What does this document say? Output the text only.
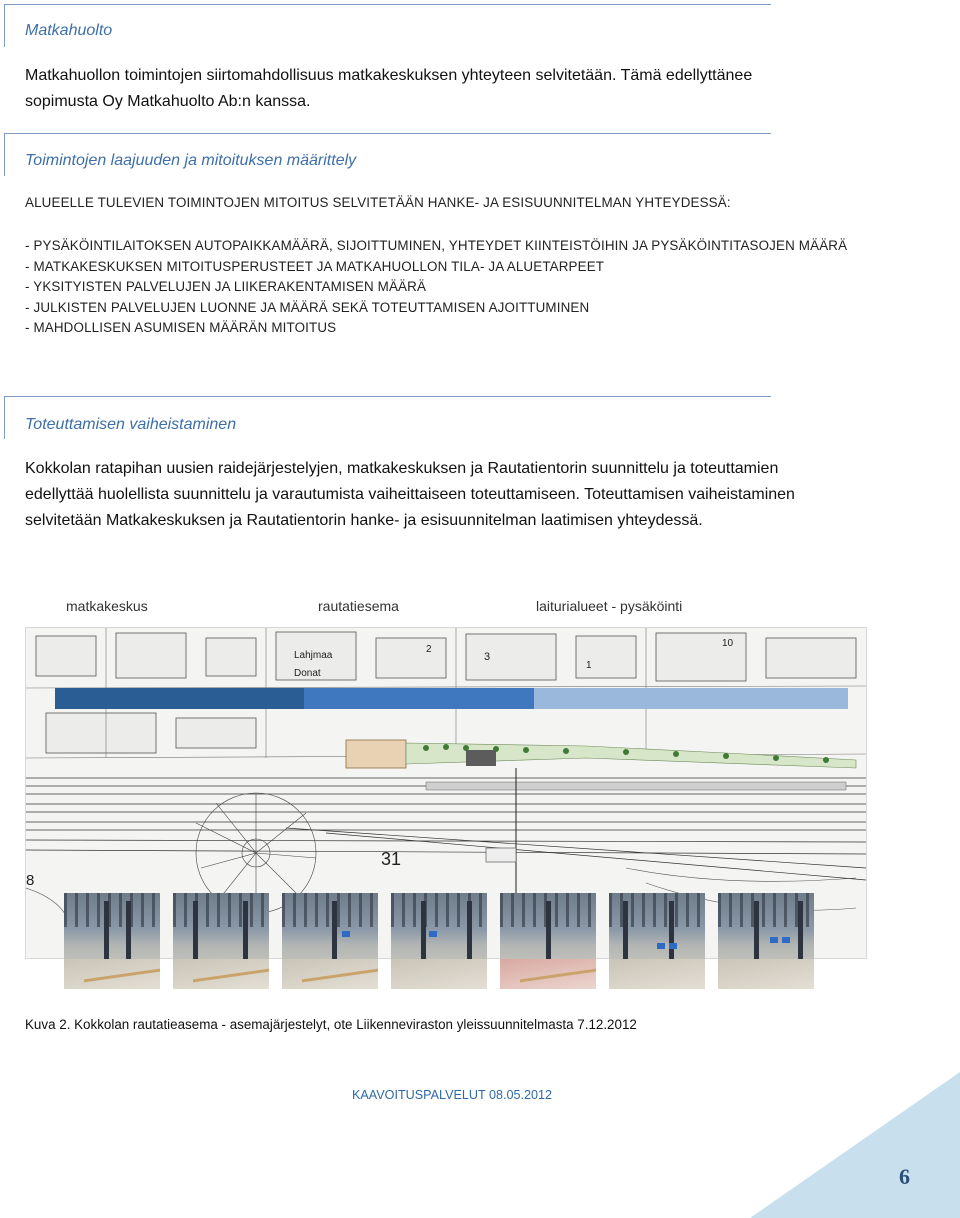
Matkahuolto
Matkahuollon toimintojen siirtomahdollisuus matkakeskuksen yhteyteen selvitetään. Tämä edellyttänee
sopimusta Oy Matkahuolto Ab:n kanssa.
Toimintojen laajuuden ja mitoituksen määrittely
ALUEELLE TULEVIEN TOIMINTOJEN MITOITUS SELVITETÄÄN HANKE- JA ESISUUNNITELMAN YHTEYDESSÄ:
- PYSÄKÖINTILAITOKSEN AUTOPAIKKAMÄÄRÄ, SIJOITTUMINEN, YHTEYDET KIINTEISTÖIHIN JA PYSÄKÖINTITASOJEN MÄÄRÄ
- MATKAKESKUKSEN MITOITUSPERUSTEET JA MATKAHUOLLON TILA- JA ALUETARPEET
- YKSITYISTEN PALVELUJEN JA LIIKERAKENTAMISEN MÄÄRÄ
- JULKISTEN PALVELUJEN LUONNE JA MÄÄRÄ SEKÄ TOTEUTTAMISEN AJOITTUMINEN
- MAHDOLLISEN ASUMISEN MÄÄRÄN MITOITUS
Toteuttamisen vaiheistaminen
Kokkolan ratapihan uusien raidejärjestelyjen, matkakeskuksen ja Rautatientorin suunnittelu ja toteuttamien
edellyttää huolellista suunnittelu ja varautumista vaiheittaiseen toteuttamiseen. Toteuttamisen vaiheistaminen
selvitetään Matkakeskuksen ja Rautatientorin hanke- ja esisuunnitelman laatimisen yhteydessä.
matkakeskus	rautatiesema	laiturialueet - pysäköinti
Lahjmaa
Donat
3
10
2
1
31
8
Kuva 2. Kokkolan rautatieasema - asemajärjestelyt, ote Liikenneviraston yleissuunnitelmasta 7.12.2012
KAAVOITUSPALVELUT 08.05.2012
6
